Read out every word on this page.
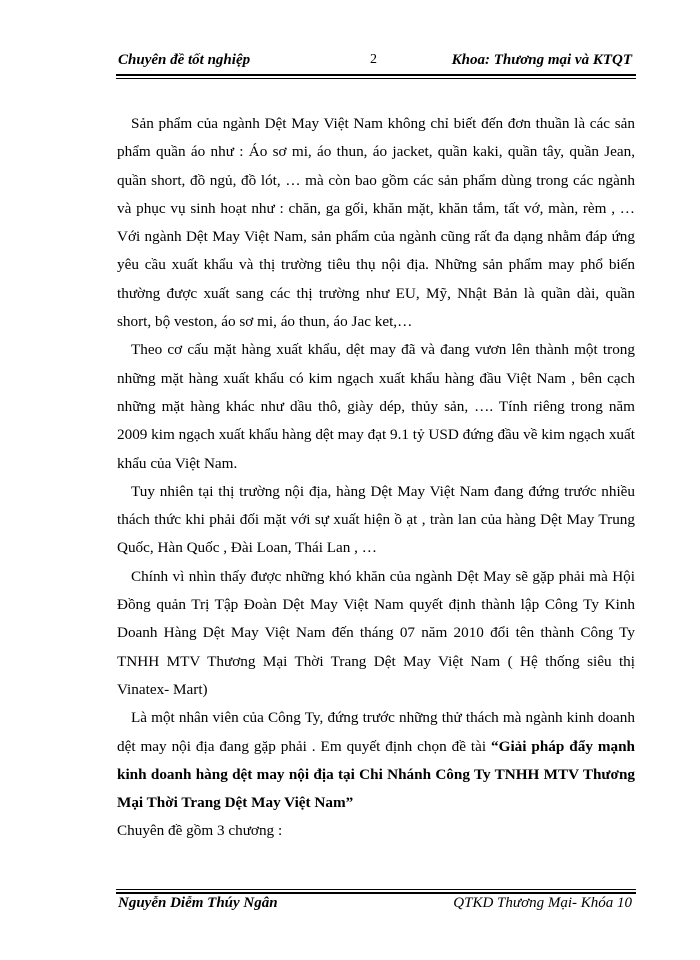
Chuyên đề tốt nghiệp	2	Khoa: Thương mại và KTQT

Sản phẩm của ngành Dệt May Việt Nam không chỉ biết đến đơn thuần là các sản phẩm quần áo như : Áo sơ mi, áo thun, áo jacket, quần kaki, quần tây, quần Jean, quần short, đồ ngủ, đồ lót, … mà còn bao gồm các sản phẩm dùng trong các ngành và phục vụ sinh hoạt như : chăn, ga gối, khăn mặt, khăn tắm, tất vớ, màn, rèm , … Với ngành Dệt May Việt Nam, sản phẩm của ngành cũng rất đa dạng nhằm đáp ứng yêu cầu xuất khẩu và thị trường tiêu thụ nội địa. Những sản phẩm may phổ biến thường được xuất sang các thị trường như EU, Mỹ, Nhật Bản là quần dài, quần short, bộ veston, áo sơ mi, áo thun, áo Jac ket,…

Theo cơ cấu mặt hàng xuất khẩu, dệt may đã và đang vươn lên thành một trong những mặt hàng xuất khẩu có kim ngạch xuất khẩu hàng đầu Việt Nam , bên cạch những mặt hàng khác như dầu thô, giày dép, thủy sản, …. Tính riêng trong năm 2009 kim ngạch xuất khẩu hàng dệt may đạt 9.1 tỷ USD đứng đầu về kim ngạch xuất khẩu của Việt Nam.

Tuy nhiên tại thị trường nội địa, hàng Dệt May Việt Nam đang đứng trước nhiều thách thức khi phải đối mặt với sự xuất hiện ồ ạt , tràn lan của hàng Dệt May Trung Quốc, Hàn Quốc , Đài Loan, Thái Lan , …

Chính vì nhìn thấy được những khó khăn của ngành Dệt May sẽ gặp phải mà Hội Đồng quản Trị Tập Đoàn Dệt May Việt Nam quyết định thành lập Công Ty Kinh Doanh Hàng Dệt May Việt Nam đến tháng 07 năm 2010 đổi tên thành Công Ty TNHH MTV Thương Mại Thời Trang Dệt May Việt Nam ( Hệ thống siêu thị Vinatex- Mart)

Là một nhân viên của Công Ty, đứng trước những thử thách mà ngành kinh doanh dệt may nội địa đang gặp phải . Em quyết định chọn đề tài “Giải pháp đẩy mạnh kinh doanh hàng dệt may nội địa tại Chi Nhánh Công Ty TNHH MTV Thương Mại Thời Trang Dệt May Việt Nam”

Chuyên đề gồm 3 chương :

Nguyễn Diễm Thúy Ngân	QTKD Thương Mại- Khóa 10
